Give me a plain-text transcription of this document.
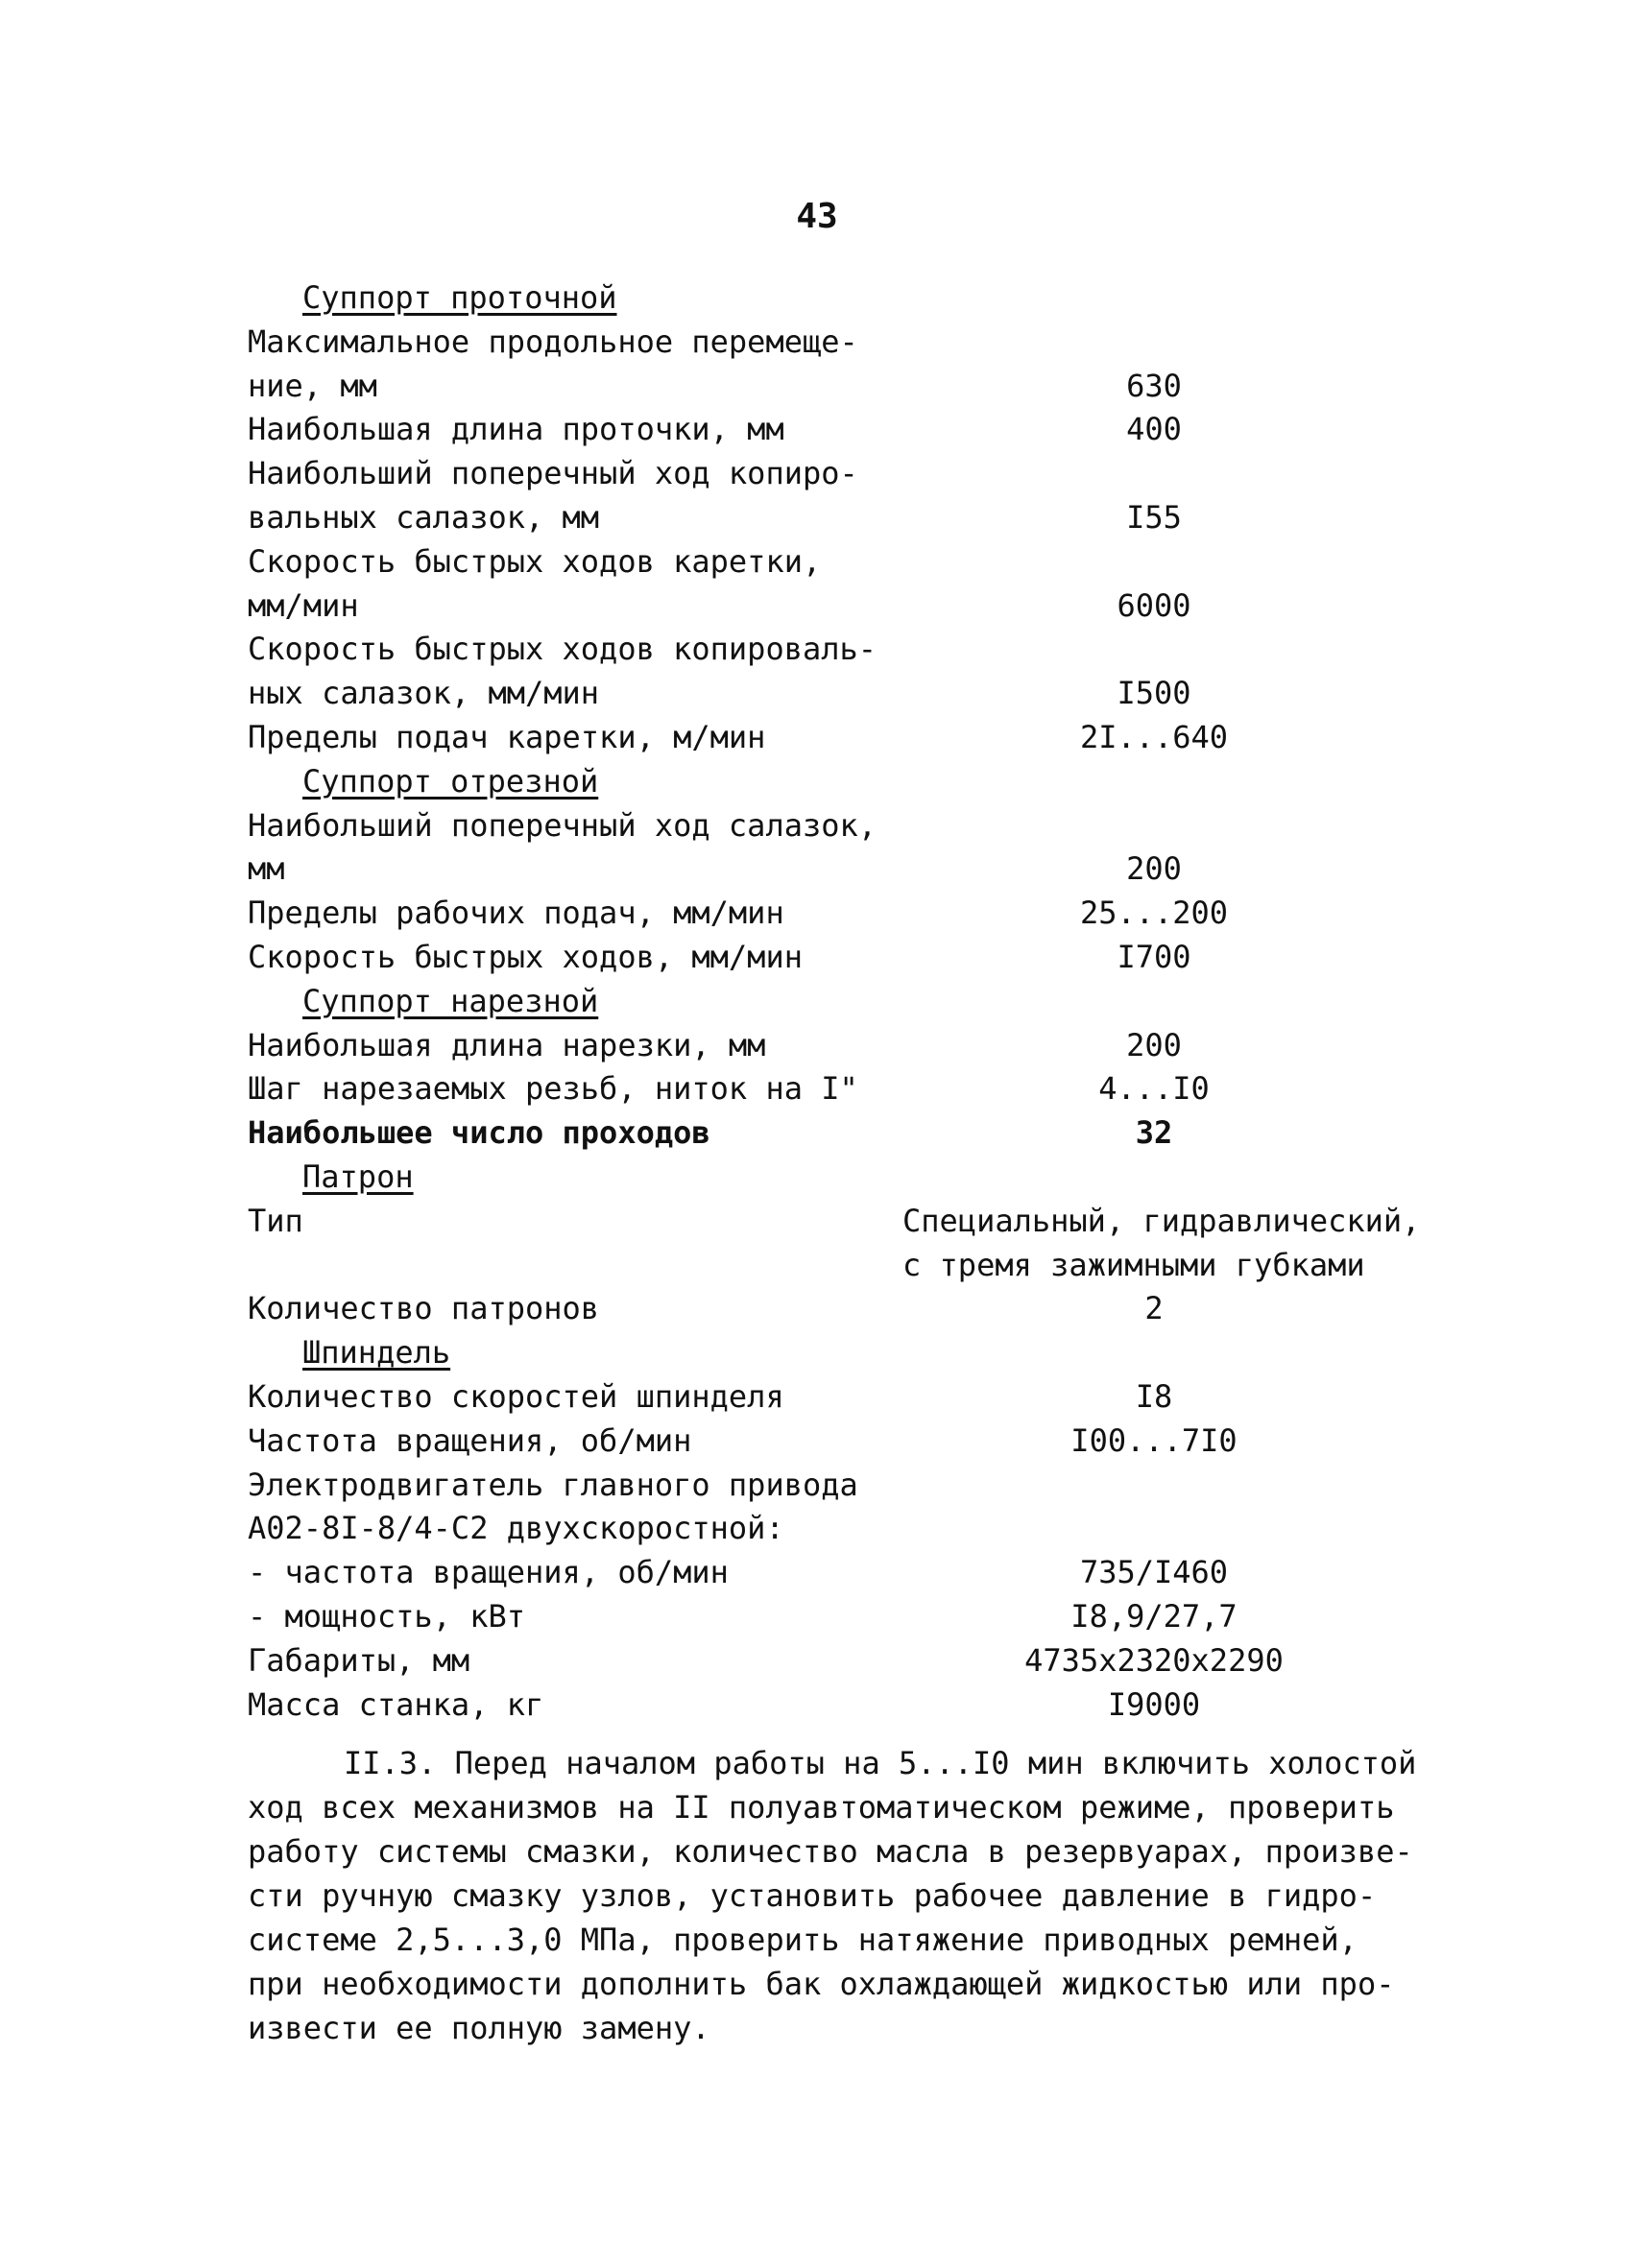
43
Суппорт проточной
Максимальное продольное перемеще-
ние, мм	630
Наибольшая длина проточки, мм	400
Наибольший поперечный ход копиро-
вальных салазок, мм	I55
Скорость быстрых ходов каретки,
мм/мин	6000
Скорость быстрых ходов копироваль-
ных салазок, мм/мин	I500
Пределы подач каретки, м/мин	2I...640
Суппорт отрезной
Наибольший поперечный ход салазок,
мм	200
Пределы рабочих подач, мм/мин	25...200
Скорость быстрых ходов, мм/мин	I700
Суппорт нарезной
Наибольшая длина нарезки, мм	200
Шаг нарезаемых резьб, ниток на I"	4...I0
Наибольшее число проходов	32
Патрон
Тип	Специальный, гидравлический,
с тремя зажимными губками
Количество патронов	2
Шпиндель
Количество скоростей шпинделя	I8
Частота вращения, об/мин	I00...7I0
Электродвигатель главного привода
А02-8I-8/4-С2 двухскоростной:
- частота вращения, об/мин	735/I460
- мощность, кВт	I8,9/27,7
Габариты, мм	4735x2320x2290
Масса станка, кг	I9000
II.3. Перед началом работы на 5...I0 мин включить холостой
ход всех механизмов на II полуавтоматическом режиме, проверить
работу системы смазки, количество масла в резервуарах, произве-
сти ручную смазку узлов, установить рабочее давление в гидро-
системе 2,5...3,0 МПа, проверить натяжение приводных ремней,
при необходимости дополнить бак охлаждающей жидкостью или про-
извести ее полную замену.
